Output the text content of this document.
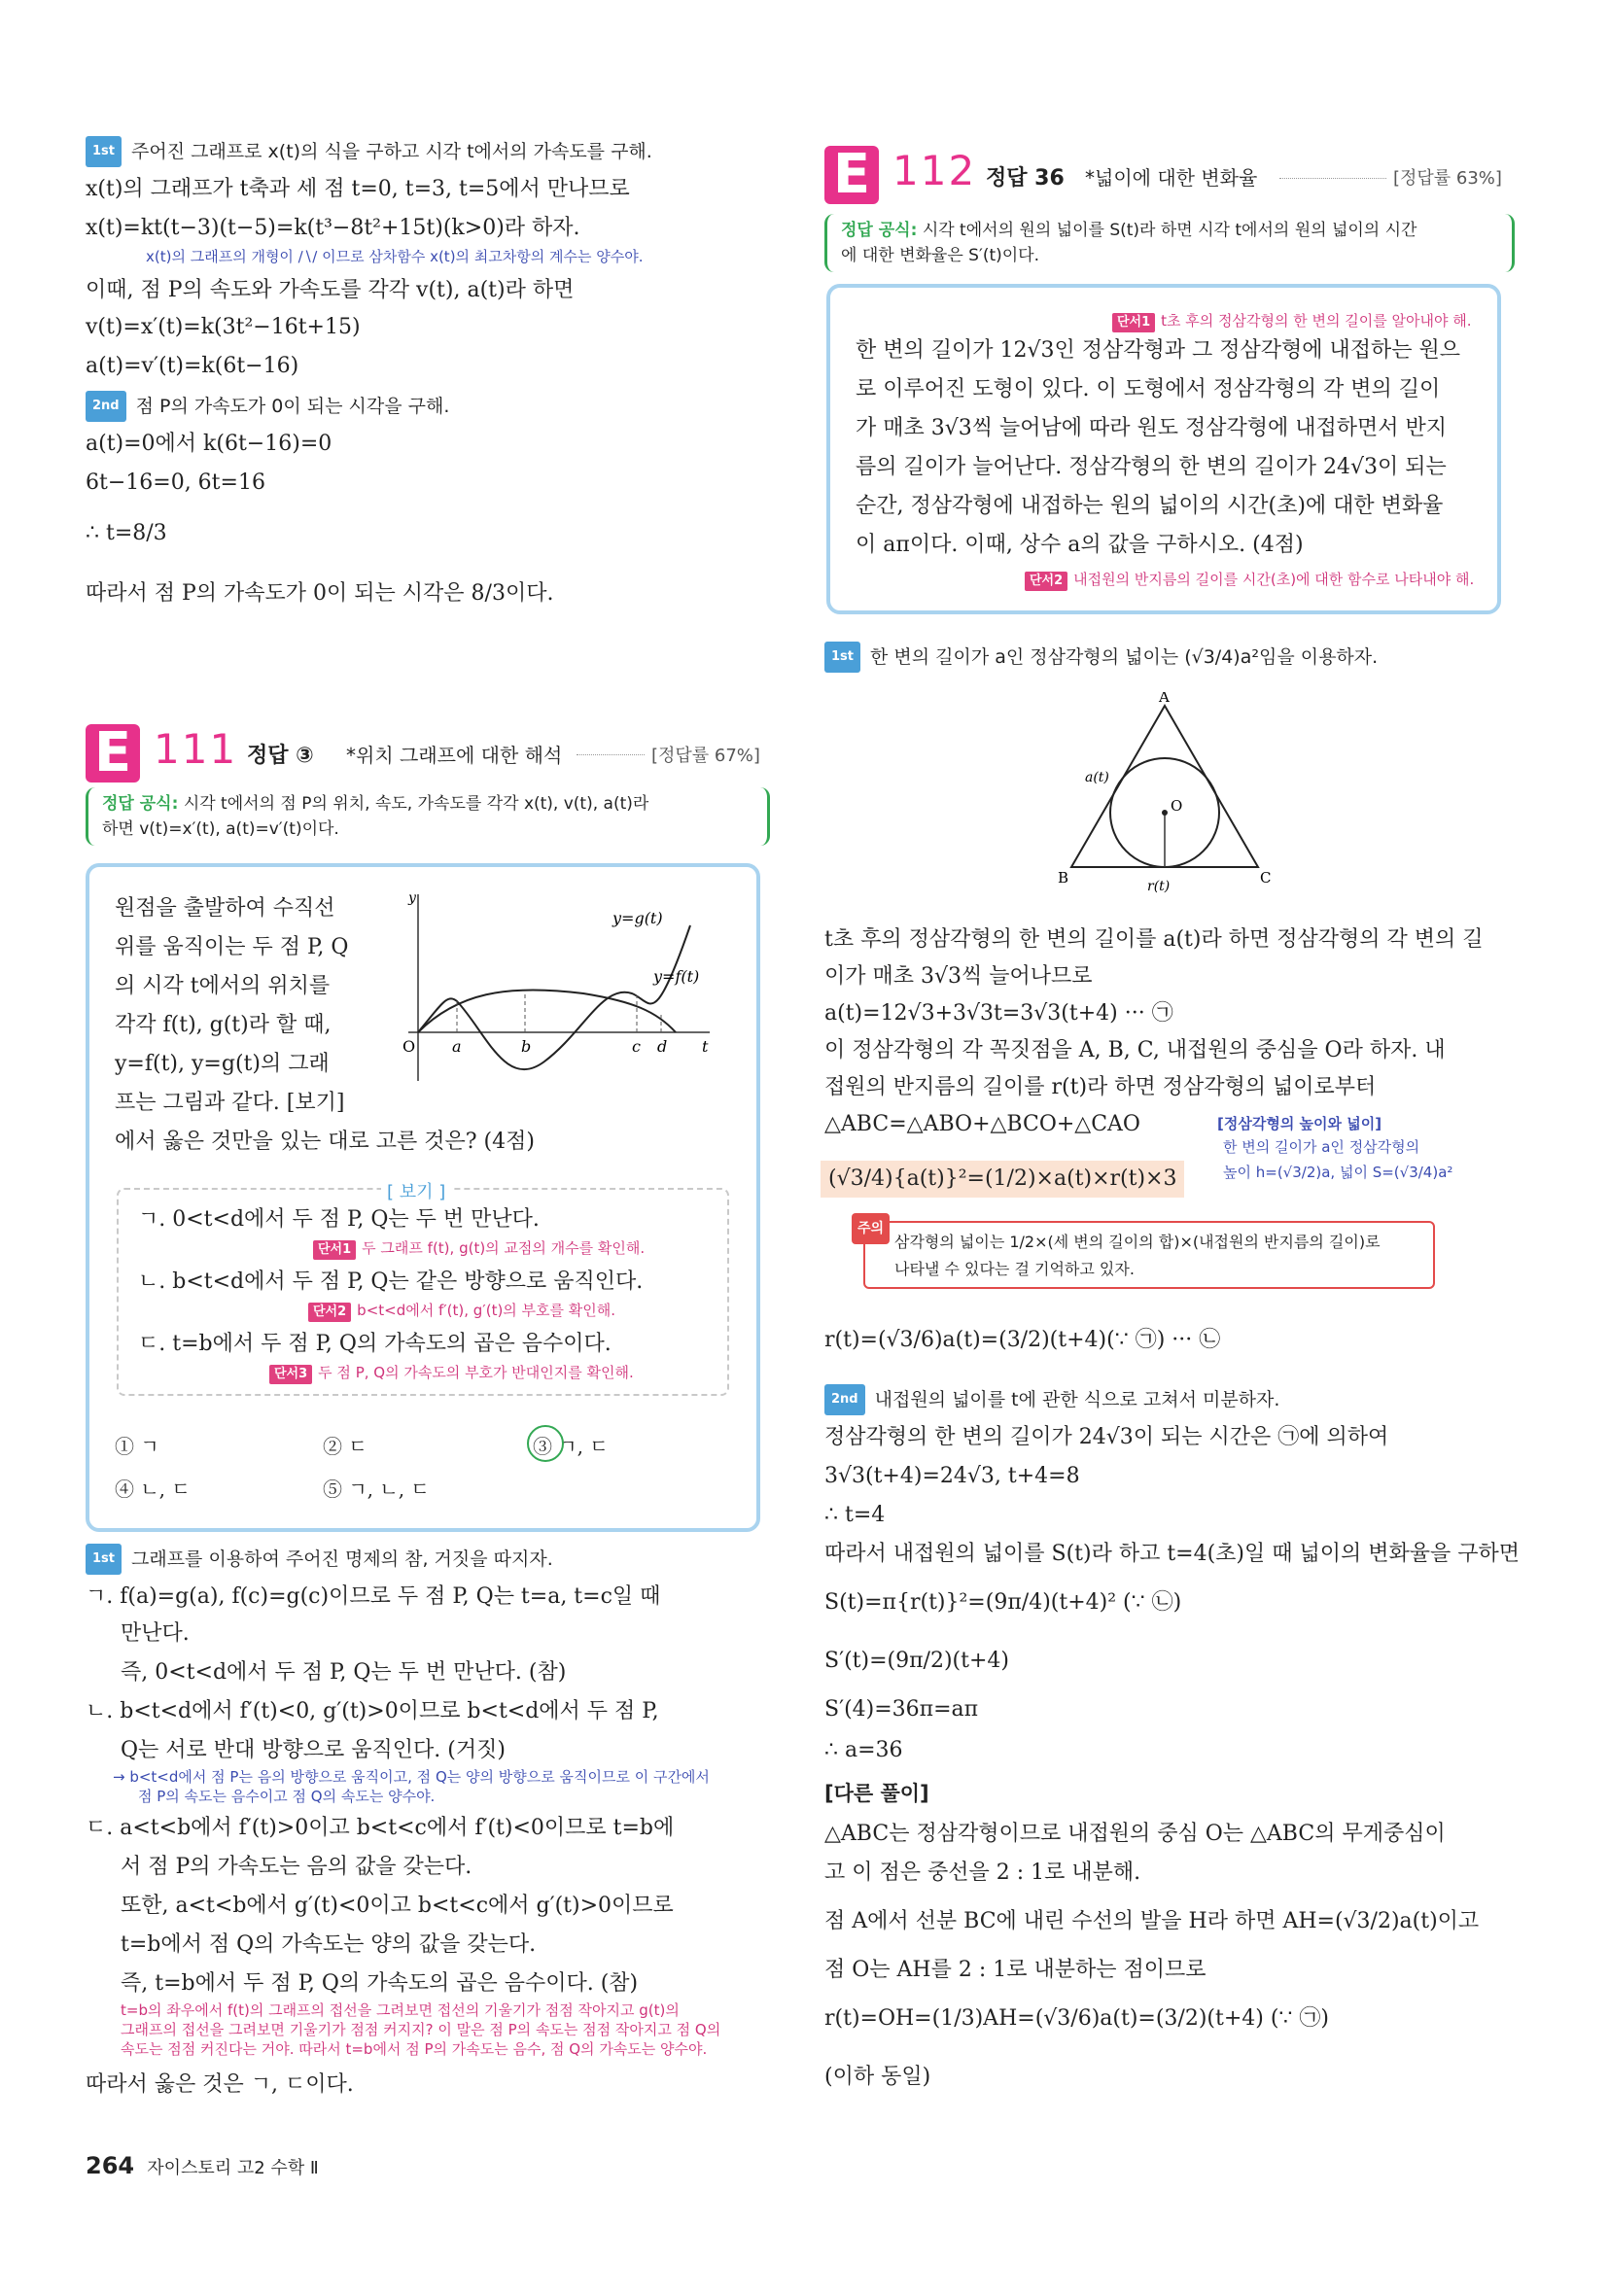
1st 주어진 그래프로 x(t)의 식을 구하고 시각 t에서의 가속도를 구해.
x(t)의 그래프가 t축과 세 점 t=0, t=3, t=5에서 만나므로
x(t)=kt(t−3)(t−5)=k(t³−8t²+15t)(k>0)라 하자.
x(t)의 그래프의 개형이 ∕∖∕ 이므로 삼차함수 x(t)의 최고차항의 계수는 양수야.
이때, 점 P의 속도와 가속도를 각각 v(t), a(t)라 하면
v(t)=x′(t)=k(3t²−16t+15)
a(t)=v′(t)=k(6t−16)
2nd 점 P의 가속도가 0이 되는 시각을 구해.
a(t)=0에서 k(6t−16)=0
6t−16=0, 6t=16
∴ t=8/3
따라서 점 P의 가속도가 0이 되는 시각은 8/3이다.
E 111 정답 ③ *위치 그래프에 대한 해석	[정답률 67%]
정답 공식: 시각 t에서의 점 P의 위치, 속도, 가속도를 각각 x(t), v(t), a(t)라
하면 v(t)=x′(t), a(t)=v′(t)이다.
원점을 출발하여 수직선
위를 움직이는 두 점 P, Q
의 시각 t에서의 위치를
각각 f(t), g(t)라 할 때,
y=f(t), y=g(t)의 그래
프는 그림과 같다. [보기]
에서 옳은 것만을 있는 대로 고른 것은? (4점)
y
t
O a	b	c d
y=g(t)
y=f(t)
[ 보기 ]
ㄱ. 0<t<d에서 두 점 P, Q는 두 번 만난다.
단서1 두 그래프 f(t), g(t)의 교점의 개수를 확인해.
ㄴ. b<t<d에서 두 점 P, Q는 같은 방향으로 움직인다.
단서2 b<t<d에서 f′(t), g′(t)의 부호를 확인해.
ㄷ. t=b에서 두 점 P, Q의 가속도의 곱은 음수이다.
단서3 두 점 P, Q의 가속도의 부호가 반대인지를 확인해.
① ㄱ	② ㄷ	③ ㄱ, ㄷ
④ ㄴ, ㄷ	⑤ ㄱ, ㄴ, ㄷ
1st 그래프를 이용하여 주어진 명제의 참, 거짓을 따지자.
ㄱ. f(a)=g(a), f(c)=g(c)이므로 두 점 P, Q는 t=a, t=c일 때
만난다.
즉, 0<t<d에서 두 점 P, Q는 두 번 만난다. (참)
ㄴ. b<t<d에서 f′(t)<0, g′(t)>0이므로 b<t<d에서 두 점 P,
Q는 서로 반대 방향으로 움직인다. (거짓)
→ b<t<d에서 점 P는 음의 방향으로 움직이고, 점 Q는 양의 방향으로 움직이므로 이 구간에서
점 P의 속도는 음수이고 점 Q의 속도는 양수야.
ㄷ. a<t<b에서 f′(t)>0이고 b<t<c에서 f′(t)<0이므로 t=b에
서 점 P의 가속도는 음의 값을 갖는다.
또한, a<t<b에서 g′(t)<0이고 b<t<c에서 g′(t)>0이므로
t=b에서 점 Q의 가속도는 양의 값을 갖는다.
즉, t=b에서 두 점 P, Q의 가속도의 곱은 음수이다. (참)
t=b의 좌우에서 f(t)의 그래프의 접선을 그려보면 접선의 기울기가 점점 작아지고 g(t)의
그래프의 접선을 그려보면 기울기가 점점 커지지? 이 말은 점 P의 속도는 점점 작아지고 점 Q의
속도는 점점 커진다는 거야. 따라서 t=b에서 점 P의 가속도는 음수, 점 Q의 가속도는 양수야.
따라서 옳은 것은 ㄱ, ㄷ이다.
E 112 정답 36 *넓이에 대한 변화율	[정답률 63%]
정답 공식: 시각 t에서의 원의 넓이를 S(t)라 하면 시각 t에서의 원의 넓이의 시간
에 대한 변화율은 S′(t)이다.
단서1 t초 후의 정삼각형의 한 변의 길이를 알아내야 해.
한 변의 길이가 12√3인 정삼각형과 그 정삼각형에 내접하는 원으
로 이루어진 도형이 있다. 이 도형에서 정삼각형의 각 변의 길이
가 매초 3√3씩 늘어남에 따라 원도 정삼각형에 내접하면서 반지
름의 길이가 늘어난다. 정삼각형의 한 변의 길이가 24√3이 되는
순간, 정삼각형에 내접하는 원의 넓이의 시간(초)에 대한 변화율
이 aπ이다. 이때, 상수 a의 값을 구하시오. (4점)
단서2 내접원의 반지름의 길이를 시간(초)에 대한 함수로 나타내야 해.
1st 한 변의 길이가 a인 정삼각형의 넓이는 (√3/4)a²임을 이용하자.
A
B	C
O
a(t)
r(t)
t초 후의 정삼각형의 한 변의 길이를 a(t)라 하면 정삼각형의 각 변의 길
이가 매초 3√3씩 늘어나므로
a(t)=12√3+3√3t=3√3(t+4) ··· ㉠
이 정삼각형의 각 꼭짓점을 A, B, C, 내접원의 중심을 O라 하자. 내
접원의 반지름의 길이를 r(t)라 하면 정삼각형의 넓이로부터
△ABC=△ABO+△BCO+△CAO	[정삼각형의 높이와 넓이]
한 변의 길이가 a인 정삼각형의
높이 h=(√3/2)a, 넓이 S=(√3/4)a²
(√3/4){a(t)}²=(1/2)×a(t)×r(t)×3
주의
삼각형의 넓이는 1/2×(세 변의 길이의 합)×(내접원의 반지름의 길이)로
나타낼 수 있다는 걸 기억하고 있자.
r(t)=(√3/6)a(t)=(3/2)(t+4)(∵ ㉠) ··· ㉡
2nd 내접원의 넓이를 t에 관한 식으로 고쳐서 미분하자.
정삼각형의 한 변의 길이가 24√3이 되는 시간은 ㉠에 의하여
3√3(t+4)=24√3, t+4=8
∴ t=4
따라서 내접원의 넓이를 S(t)라 하고 t=4(초)일 때 넓이의 변화율을 구하면
S(t)=π{r(t)}²=(9π/4)(t+4)² (∵ ㉡)
S′(t)=(9π/2)(t+4)
S′(4)=36π=aπ
∴ a=36
[다른 풀이]
△ABC는 정삼각형이므로 내접원의 중심 O는 △ABC의 무게중심이
고 이 점은 중선을 2 : 1로 내분해.
점 A에서 선분 BC에 내린 수선의 발을 H라 하면 AH=(√3/2)a(t)이고
점 O는 AH를 2 : 1로 내분하는 점이므로
r(t)=OH=(1/3)AH=(√3/6)a(t)=(3/2)(t+4) (∵ ㉠)
(이하 동일)
264 자이스토리 고2 수학 Ⅱ
